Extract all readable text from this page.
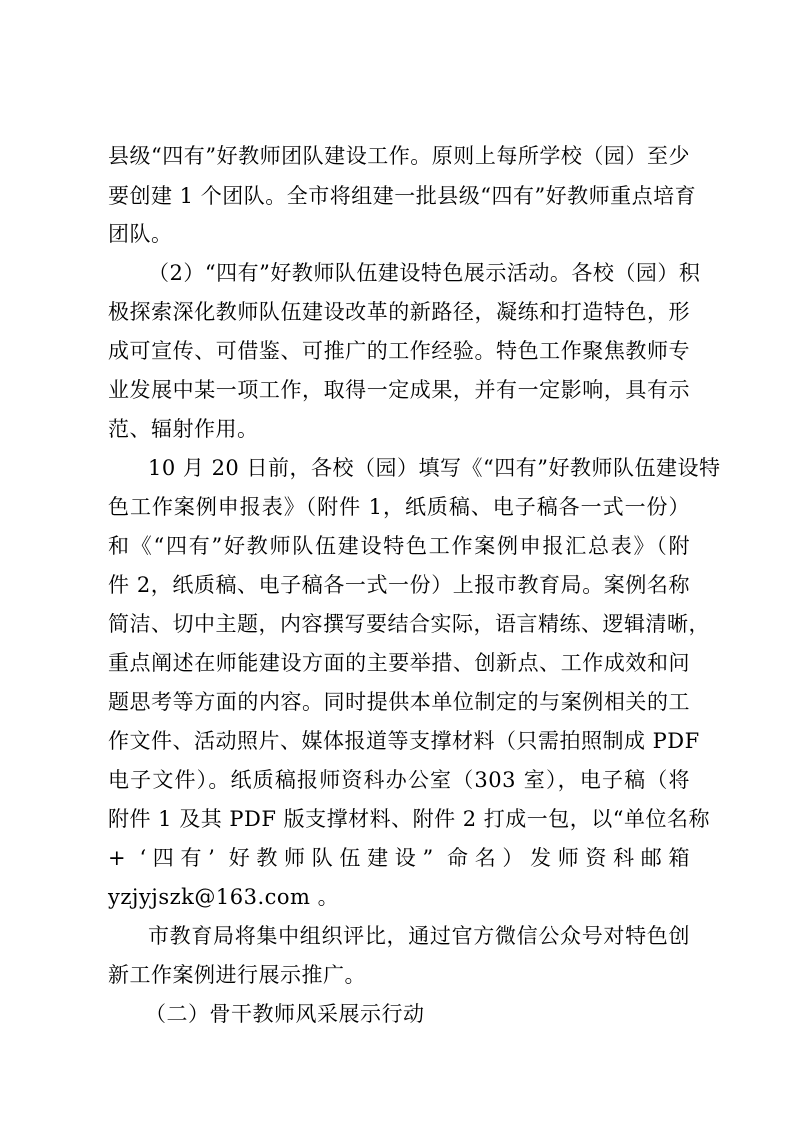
县级“四有”好教师团队建设工作。原则上每所学校（园）至少
要创建 1 个团队。全市将组建一批县级“四有”好教师重点培育
团队。
（2）“四有”好教师队伍建设特色展示活动。各校（园）积
极探索深化教师队伍建设改革的新路径，凝练和打造特色，形
成可宣传、可借鉴、可推广的工作经验。特色工作聚焦教师专
业发展中某一项工作，取得一定成果，并有一定影响，具有示
范、辐射作用。
10 月 20 日前，各校（园）填写《“四有”好教师队伍建设特
色工作案例申报表》（附件 1，纸质稿、电子稿各一式一份）
和《“四有”好教师队伍建设特色工作案例申报汇总表》（附
件 2，纸质稿、电子稿各一式一份）上报市教育局。案例名称
简洁、切中主题，内容撰写要结合实际，语言精练、逻辑清晰，
重点阐述在师能建设方面的主要举措、创新点、工作成效和问
题思考等方面的内容。同时提供本单位制定的与案例相关的工
作文件、活动照片、媒体报道等支撑材料（只需拍照制成 PDF
电子文件）。纸质稿报师资科办公室（303 室），电子稿（将
附件 1 及其 PDF 版支撑材料、附件 2 打成一包，以“单位名称
+ ‘四有’ 好教师队伍建设” 命名）发师资科邮箱
yzjyjszk@163.com 。
市教育局将集中组织评比，通过官方微信公众号对特色创
新工作案例进行展示推广。
（二）骨干教师风采展示行动
